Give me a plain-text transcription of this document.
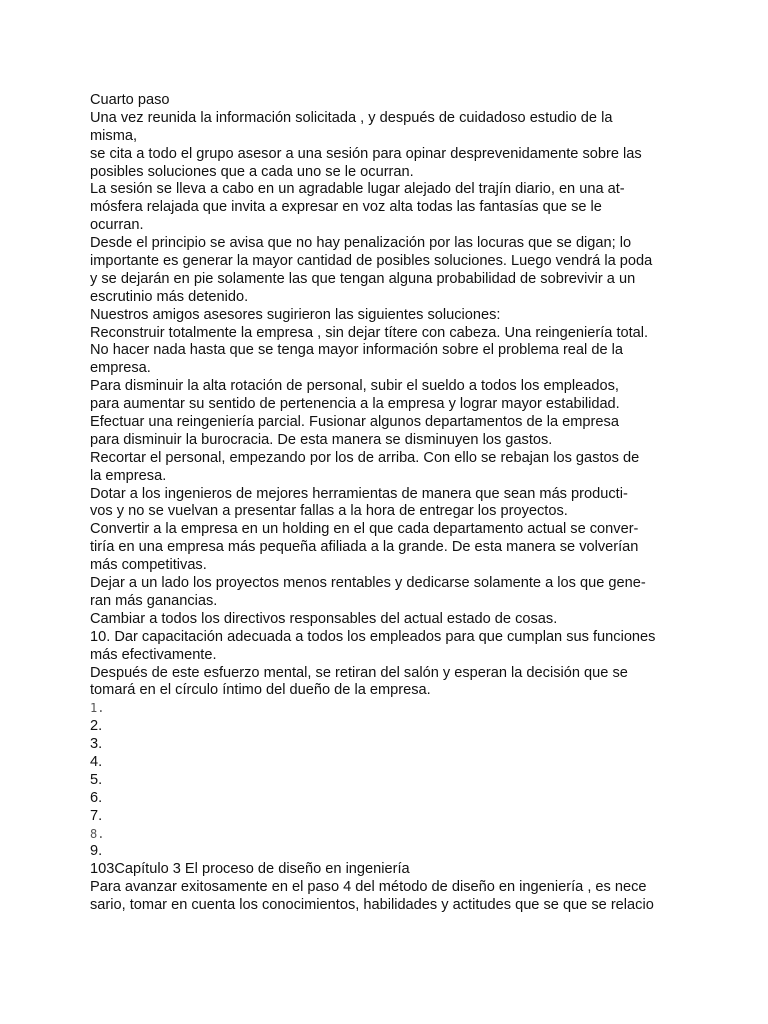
Cuarto paso
Una vez reunida la información solicitada , y después de cuidadoso estudio de la
misma,
se cita a todo el grupo asesor a una sesión para opinar desprevenidamente sobre las
posibles soluciones que a cada uno se le ocurran.
La sesión se lleva a cabo en un agradable lugar alejado del trajín diario, en una at-
mósfera relajada que invita a expresar en voz alta todas las fantasías que se le
ocurran.
Desde el principio se avisa que no hay penalización por las locuras que se digan; lo
importante es generar la mayor cantidad de posibles soluciones. Luego vendrá la poda
y se dejarán en pie solamente las que tengan alguna probabilidad de sobrevivir a un
escrutinio más detenido.
Nuestros amigos asesores sugirieron las siguientes soluciones:
Reconstruir totalmente la empresa , sin dejar títere con cabeza. Una reingeniería total.
No hacer nada hasta que se tenga mayor información sobre el problema real de la
empresa.
Para disminuir la alta rotación de personal, subir el sueldo a todos los empleados,
para aumentar su sentido de pertenencia a la empresa y lograr mayor estabilidad.
Efectuar una reingeniería parcial. Fusionar algunos departamentos de la empresa
para disminuir la burocracia. De esta manera se disminuyen los gastos.
Recortar el personal, empezando por los de arriba. Con ello se rebajan los gastos de
la empresa.
Dotar a los ingenieros de mejores herramientas de manera que sean más producti-
vos y no se vuelvan a presentar fallas a la hora de entregar los proyectos.
Convertir a la empresa en un holding en el que cada departamento actual se conver-
tiría en una empresa más pequeña afiliada a la grande. De esta manera se volverían
más competitivas.
Dejar a un lado los proyectos menos rentables y dedicarse solamente a los que gene-
ran más ganancias.
Cambiar a todos los directivos responsables del actual estado de cosas.
10. Dar capacitación adecuada a todos los empleados para que cumplan sus funciones
más efectivamente.
Después de este esfuerzo mental, se retiran del salón y esperan la decisión que se
tomará en el círculo íntimo del dueño de la empresa.
1.
2.
3.
4.
5.
6.
7.
8.
9.
103Capítulo 3 El proceso de diseño en ingeniería
Para avanzar exitosamente en el paso 4 del método de diseño en ingeniería , es nece
sario, tomar en cuenta los conocimientos, habilidades y actitudes que se que se relacio
